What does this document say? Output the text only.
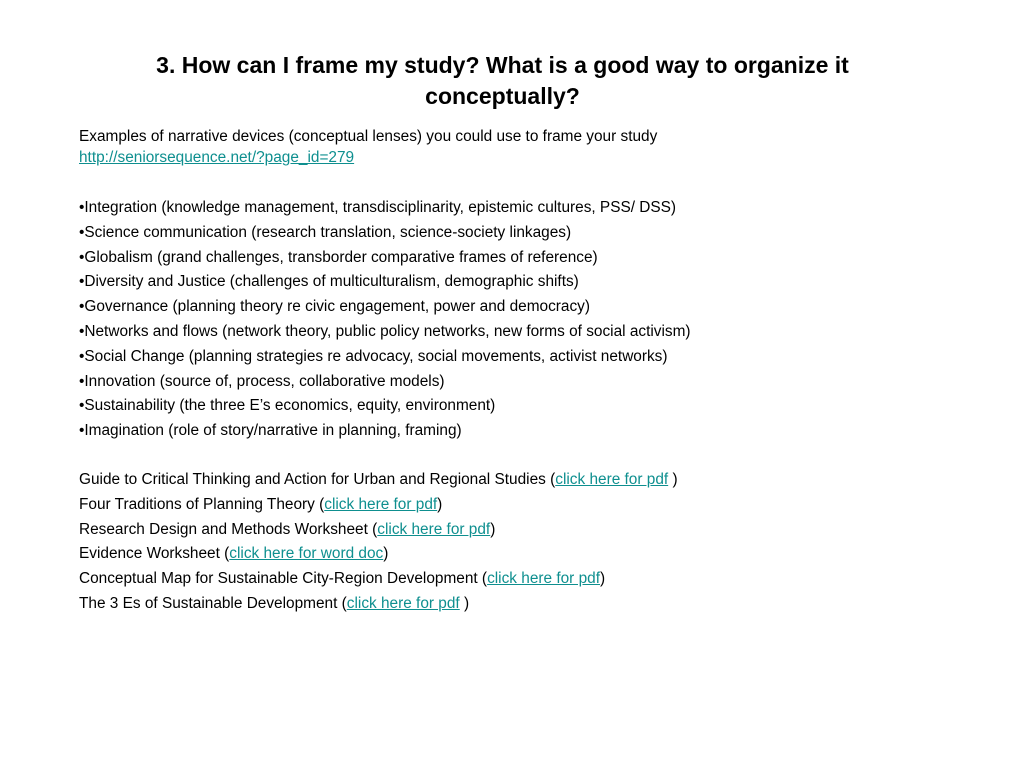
3. How can I frame my study? What is a good way to organize it conceptually?
Examples of narrative devices (conceptual lenses) you could use to frame your study
http://seniorsequence.net/?page_id=279
•Integration (knowledge management, transdisciplinarity, epistemic cultures, PSS/ DSS)
•Science communication (research translation, science-society linkages)
•Globalism (grand challenges, transborder comparative frames of reference)
•Diversity and Justice (challenges of multiculturalism, demographic shifts)
•Governance (planning theory re civic engagement, power and democracy)
•Networks and flows (network theory, public policy networks, new forms of social activism)
•Social Change (planning strategies re advocacy, social movements, activist networks)
•Innovation (source of, process, collaborative models)
•Sustainability (the three E’s economics, equity, environment)
•Imagination (role of story/narrative in planning, framing)
Guide to Critical Thinking and Action for Urban and Regional Studies (click here for pdf )
Four Traditions of Planning Theory (click here for pdf)
Research Design and Methods Worksheet (click here for pdf)
Evidence Worksheet (click here for word doc)
Conceptual Map for Sustainable City-Region Development (click here for pdf)
The 3 Es of Sustainable Development (click here for pdf )
